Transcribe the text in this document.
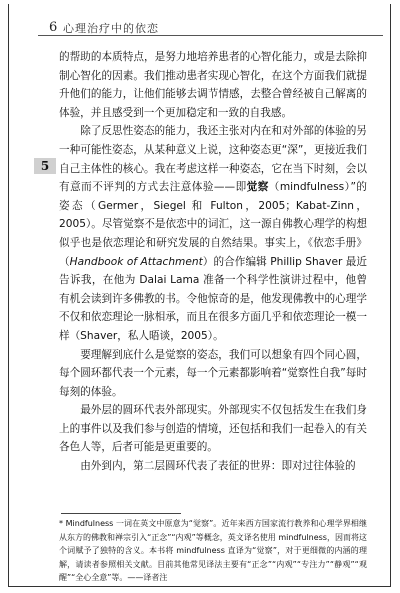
6 心理治疗中的依恋
5

的帮助的本质特点，是努力地培养患者的心智化能力，或是去除抑制心智化的因素。我们推动患者实现心智化，在这个方面我们就提升他们的能力，让他们能够去调节情感，去整合曾经被自己解离的体验，并且感受到一个更加稳定和一致的自我感。

除了反思性姿态的能力，我还主张对内在和对外部的体验的另一种可能性姿态，从某种意义上说，这种姿态更“深”，更接近我们自己主体性的核心。我在考虑这样一种姿态，它在当下时刻，会以有意而不评判的方式去注意体验——即觉察（mindfulness）”的姿态（Germer，Siegel 和 Fulton，2005；Kabat-Zinn，2005）。尽管觉察不是依恋中的词汇，这一源自佛教心理学的构想似乎也是依恋理论和研究发展的自然结果。事实上，《依恋手册》（Handbook of Attachment）的合作编辑 Phillip Shaver 最近告诉我，在他为 Dalai Lama 准备一个科学性演讲过程中，他曾有机会读到许多佛教的书。令他惊奇的是，他发现佛教中的心理学不仅和依恋理论一脉相承，而且在很多方面几乎和依恋理论一模一样（Shaver，私人晤谈，2005）。

要理解到底什么是觉察的姿态，我们可以想象有四个同心圆，每个圆环都代表一个元素，每一个元素都影响着“觉察性自我”每时每刻的体验。

最外层的圆环代表外部现实。外部现实不仅包括发生在我们身上的事件以及我们参与创造的情境，还包括和我们一起卷入的有关各色人等，后者可能是更重要的。

由外到内，第二层圆环代表了表征的世界：即对过往体验的

* Mindfulness 一词在英文中原意为“觉察”。近年来西方国家流行教养和心理学界相继从东方的佛教和禅宗引入“正念”“内观”等概念，英文译名使用 mindfulness，因而将这个词赋予了独特的含义。本书将 mindfulness 直译为“觉察”，对于更细微的内涵的理解，请读者参照相关文献。目前其他常见译法主要有“正念”“内观”“专注力”“静观”“观醒”“全心全意”等。——译者注
